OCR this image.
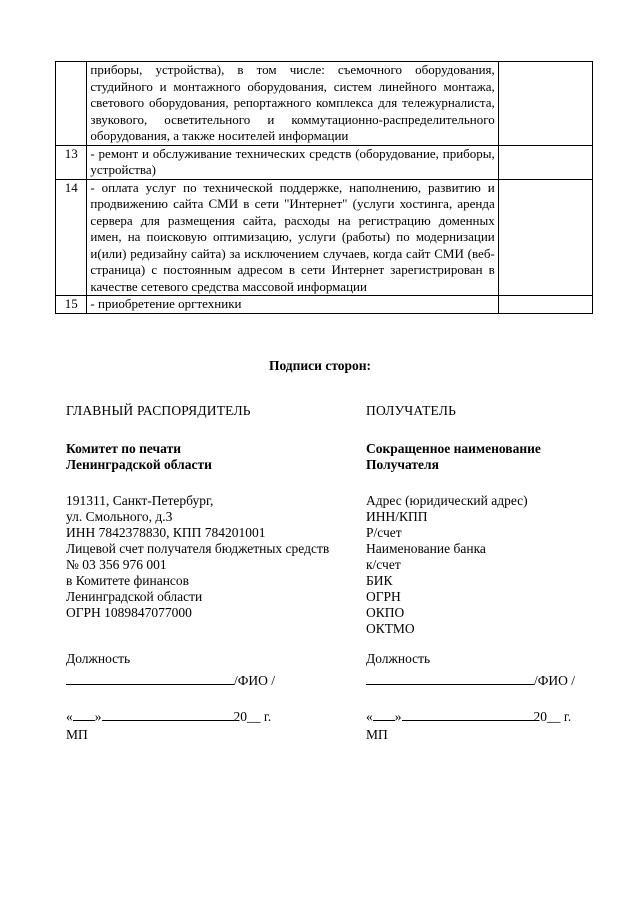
	приборы, устройства), в том числе: съемочного оборудования, студийного и монтажного оборудования, систем линейного монтажа, светового оборудования, репортажного комплекса для тележурналиста, звукового, осветительного и коммутационно-распределительного оборудования, а также носителей информации	
13	- ремонт и обслуживание технических средств (оборудование, приборы, устройства)	
14	- оплата услуг по технической поддержке, наполнению, развитию и продвижению сайта СМИ в сети "Интернет" (услуги хостинга, аренда сервера для размещения сайта, расходы на регистрацию доменных имен, на поисковую оптимизацию, услуги (работы) по модернизации и(или) редизайну сайта) за исключением случаев, когда сайт СМИ (веб-страница) с постоянным адресом в сети Интернет зарегистрирован в качестве сетевого средства массовой информации	
15	- приобретение оргтехники	
Подписи сторон:
ГЛАВНЫЙ РАСПОРЯДИТЕЛЬ
Комитет по печати
Ленинградской области
191311, Санкт-Петербург,
ул. Смольного, д.3
ИНН 7842378830, КПП 784201001
Лицевой счет получателя бюджетных средств
№ 03 356 976 001
в Комитете финансов
Ленинградской области
ОГРН 1089847077000
Должность
/ФИО /
« »	20__ г.
МП
ПОЛУЧАТЕЛЬ
Сокращенное наименование
Получателя
Адрес (юридический адрес)
ИНН/КПП
Р/счет
Наименование банка
к/счет
БИК
ОГРН
ОКПО
ОКТМО
Должность
/ФИО /
« »	20__ г.
МП
